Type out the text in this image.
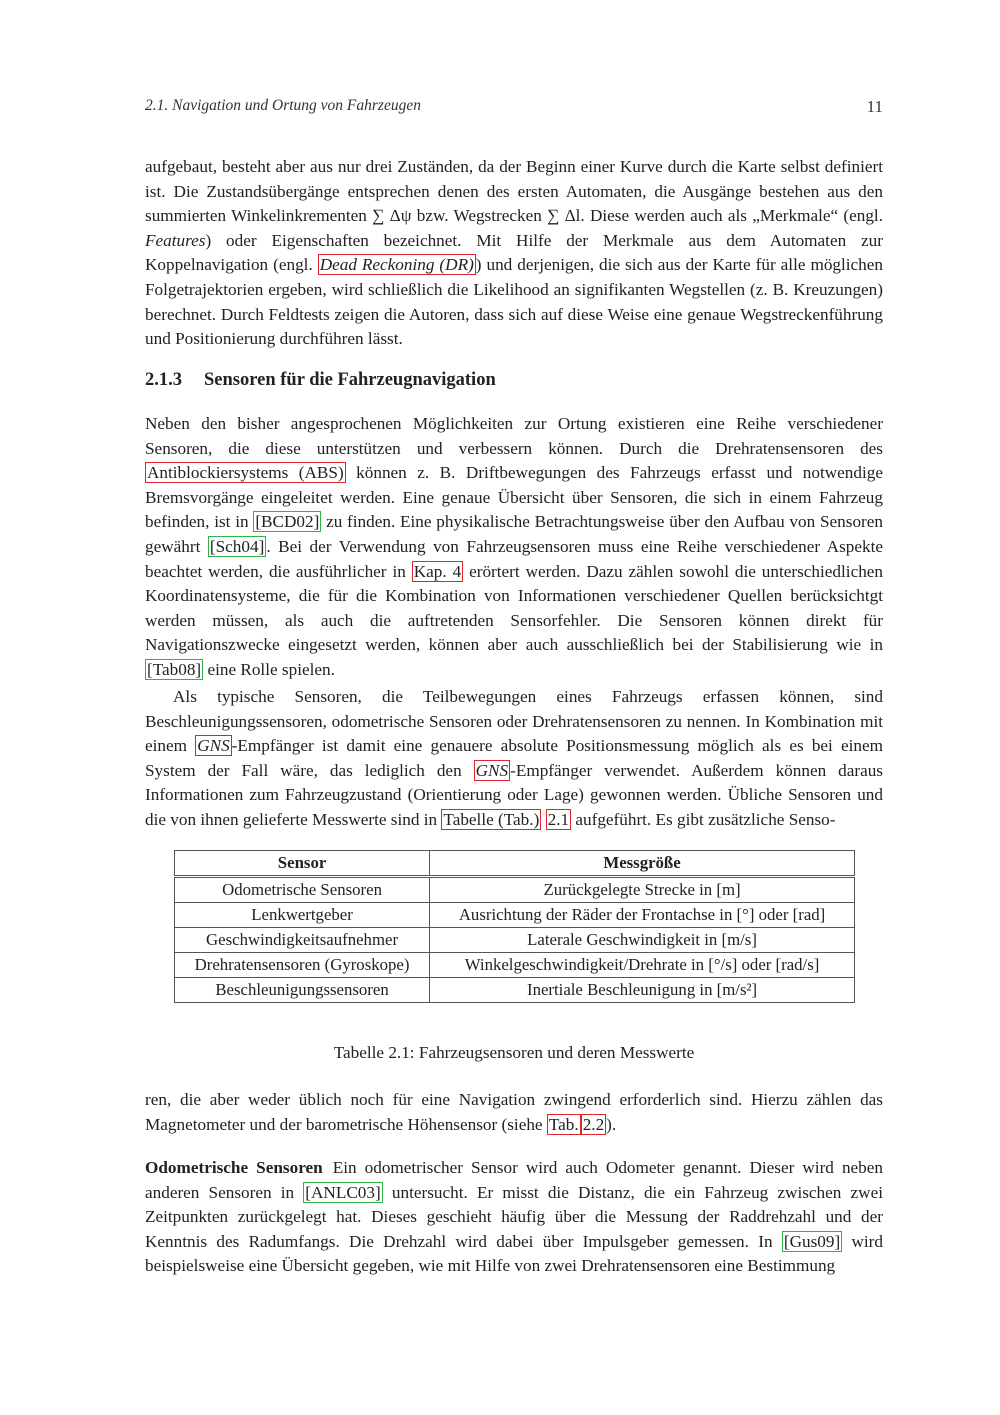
2.1. Navigation und Ortung von Fahrzeugen	11

aufgebaut, besteht aber aus nur drei Zuständen, da der Beginn einer Kurve durch die Karte selbst definiert ist. Die Zustandsübergänge entsprechen denen des ersten Automaten, die Ausgänge bestehen aus den summierten Winkelinkrementen ∑ Δψ bzw. Wegstrecken ∑ Δl. Diese werden auch als „Merkmale“ (engl. Features) oder Eigenschaften bezeichnet. Mit Hilfe der Merkmale aus dem Automaten zur Koppelnavigation (engl. Dead Reckoning (DR) ) und derjenigen, die sich aus der Karte für alle möglichen Folgetrajektorien ergeben, wird schließlich die Likelihood an signifikanten Wegstellen (z. B. Kreuzungen) berechnet. Durch Feldtests zeigen die Autoren, dass sich auf diese Weise eine genaue Wegstreckenführung und Positionierung durchführen lässt.

2.1.3 Sensoren für die Fahrzeugnavigation

Neben den bisher angesprochenen Möglichkeiten zur Ortung existieren eine Reihe verschiedener Sensoren, die diese unterstützen und verbessern können. Durch die Drehratensensoren des Antiblockiersystems (ABS) können z. B. Driftbewegungen des Fahrzeugs erfasst und notwendige Bremsvorgänge eingeleitet werden. Eine genaue Übersicht über Sensoren, die sich in einem Fahrzeug befinden, ist in [BCD02] zu finden. Eine physikalische Betrachtungsweise über den Aufbau von Sensoren gewährt [Sch04] . Bei der Verwendung von Fahrzeugsensoren muss eine Reihe verschiedener Aspekte beachtet werden, die ausführlicher in Kap. 4 erörtert werden. Dazu zählen sowohl die unterschiedlichen Koordinatensysteme, die für die Kombination von Informationen verschiedener Quellen berücksichtgt werden müssen, als auch die auftretenden Sensorfehler. Die Sensoren können direkt für Navigationszwecke eingesetzt werden, können aber auch ausschließlich bei der Stabilisierung wie in [Tab08] eine Rolle spielen.

Als typische Sensoren, die Teilbewegungen eines Fahrzeugs erfassen können, sind Beschleunigungssensoren, odometrische Sensoren oder Drehratensensoren zu nennen. In Kombination mit einem GNS -Empfänger ist damit eine genauere absolute Positionsmessung möglich als es bei einem System der Fall wäre, das lediglich den GNS -Empfänger verwendet. Außerdem können daraus Informationen zum Fahrzeugzustand (Orientierung oder Lage) gewonnen werden. Übliche Sensoren und die von ihnen gelieferte Messwerte sind in Tabelle (Tab.) 2.1 aufgeführt. Es gibt zusätzliche Senso-

Sensor	Messgröße
Odometrische Sensoren	Zurückgelegte Strecke in [m]
Lenkwertgeber	Ausrichtung der Räder der Frontachse in [°] oder [rad]
Geschwindigkeitsaufnehmer	Laterale Geschwindigkeit in [m/s]
Drehratensensoren (Gyroskope)	Winkelgeschwindigkeit/Drehrate in [°/s] oder [rad/s]
Beschleunigungssensoren	Inertiale Beschleunigung in [m/s²]
Tabelle 2.1: Fahrzeugsensoren und deren Messwerte

ren, die aber weder üblich noch für eine Navigation zwingend erforderlich sind. Hierzu zählen das Magnetometer und der barometrische Höhensensor (siehe Tab. 2.2 ).

Odometrische Sensoren Ein odometrischer Sensor wird auch Odometer genannt. Dieser wird neben anderen Sensoren in [ANLC03] untersucht. Er misst die Distanz, die ein Fahrzeug zwischen zwei Zeitpunkten zurückgelegt hat. Dieses geschieht häufig über die Messung der Raddrehzahl und der Kenntnis des Radumfangs. Die Drehzahl wird dabei über Impulsgeber gemessen. In [Gus09] wird beispielsweise eine Übersicht gegeben, wie mit Hilfe von zwei Drehratensensoren eine Bestimmung
